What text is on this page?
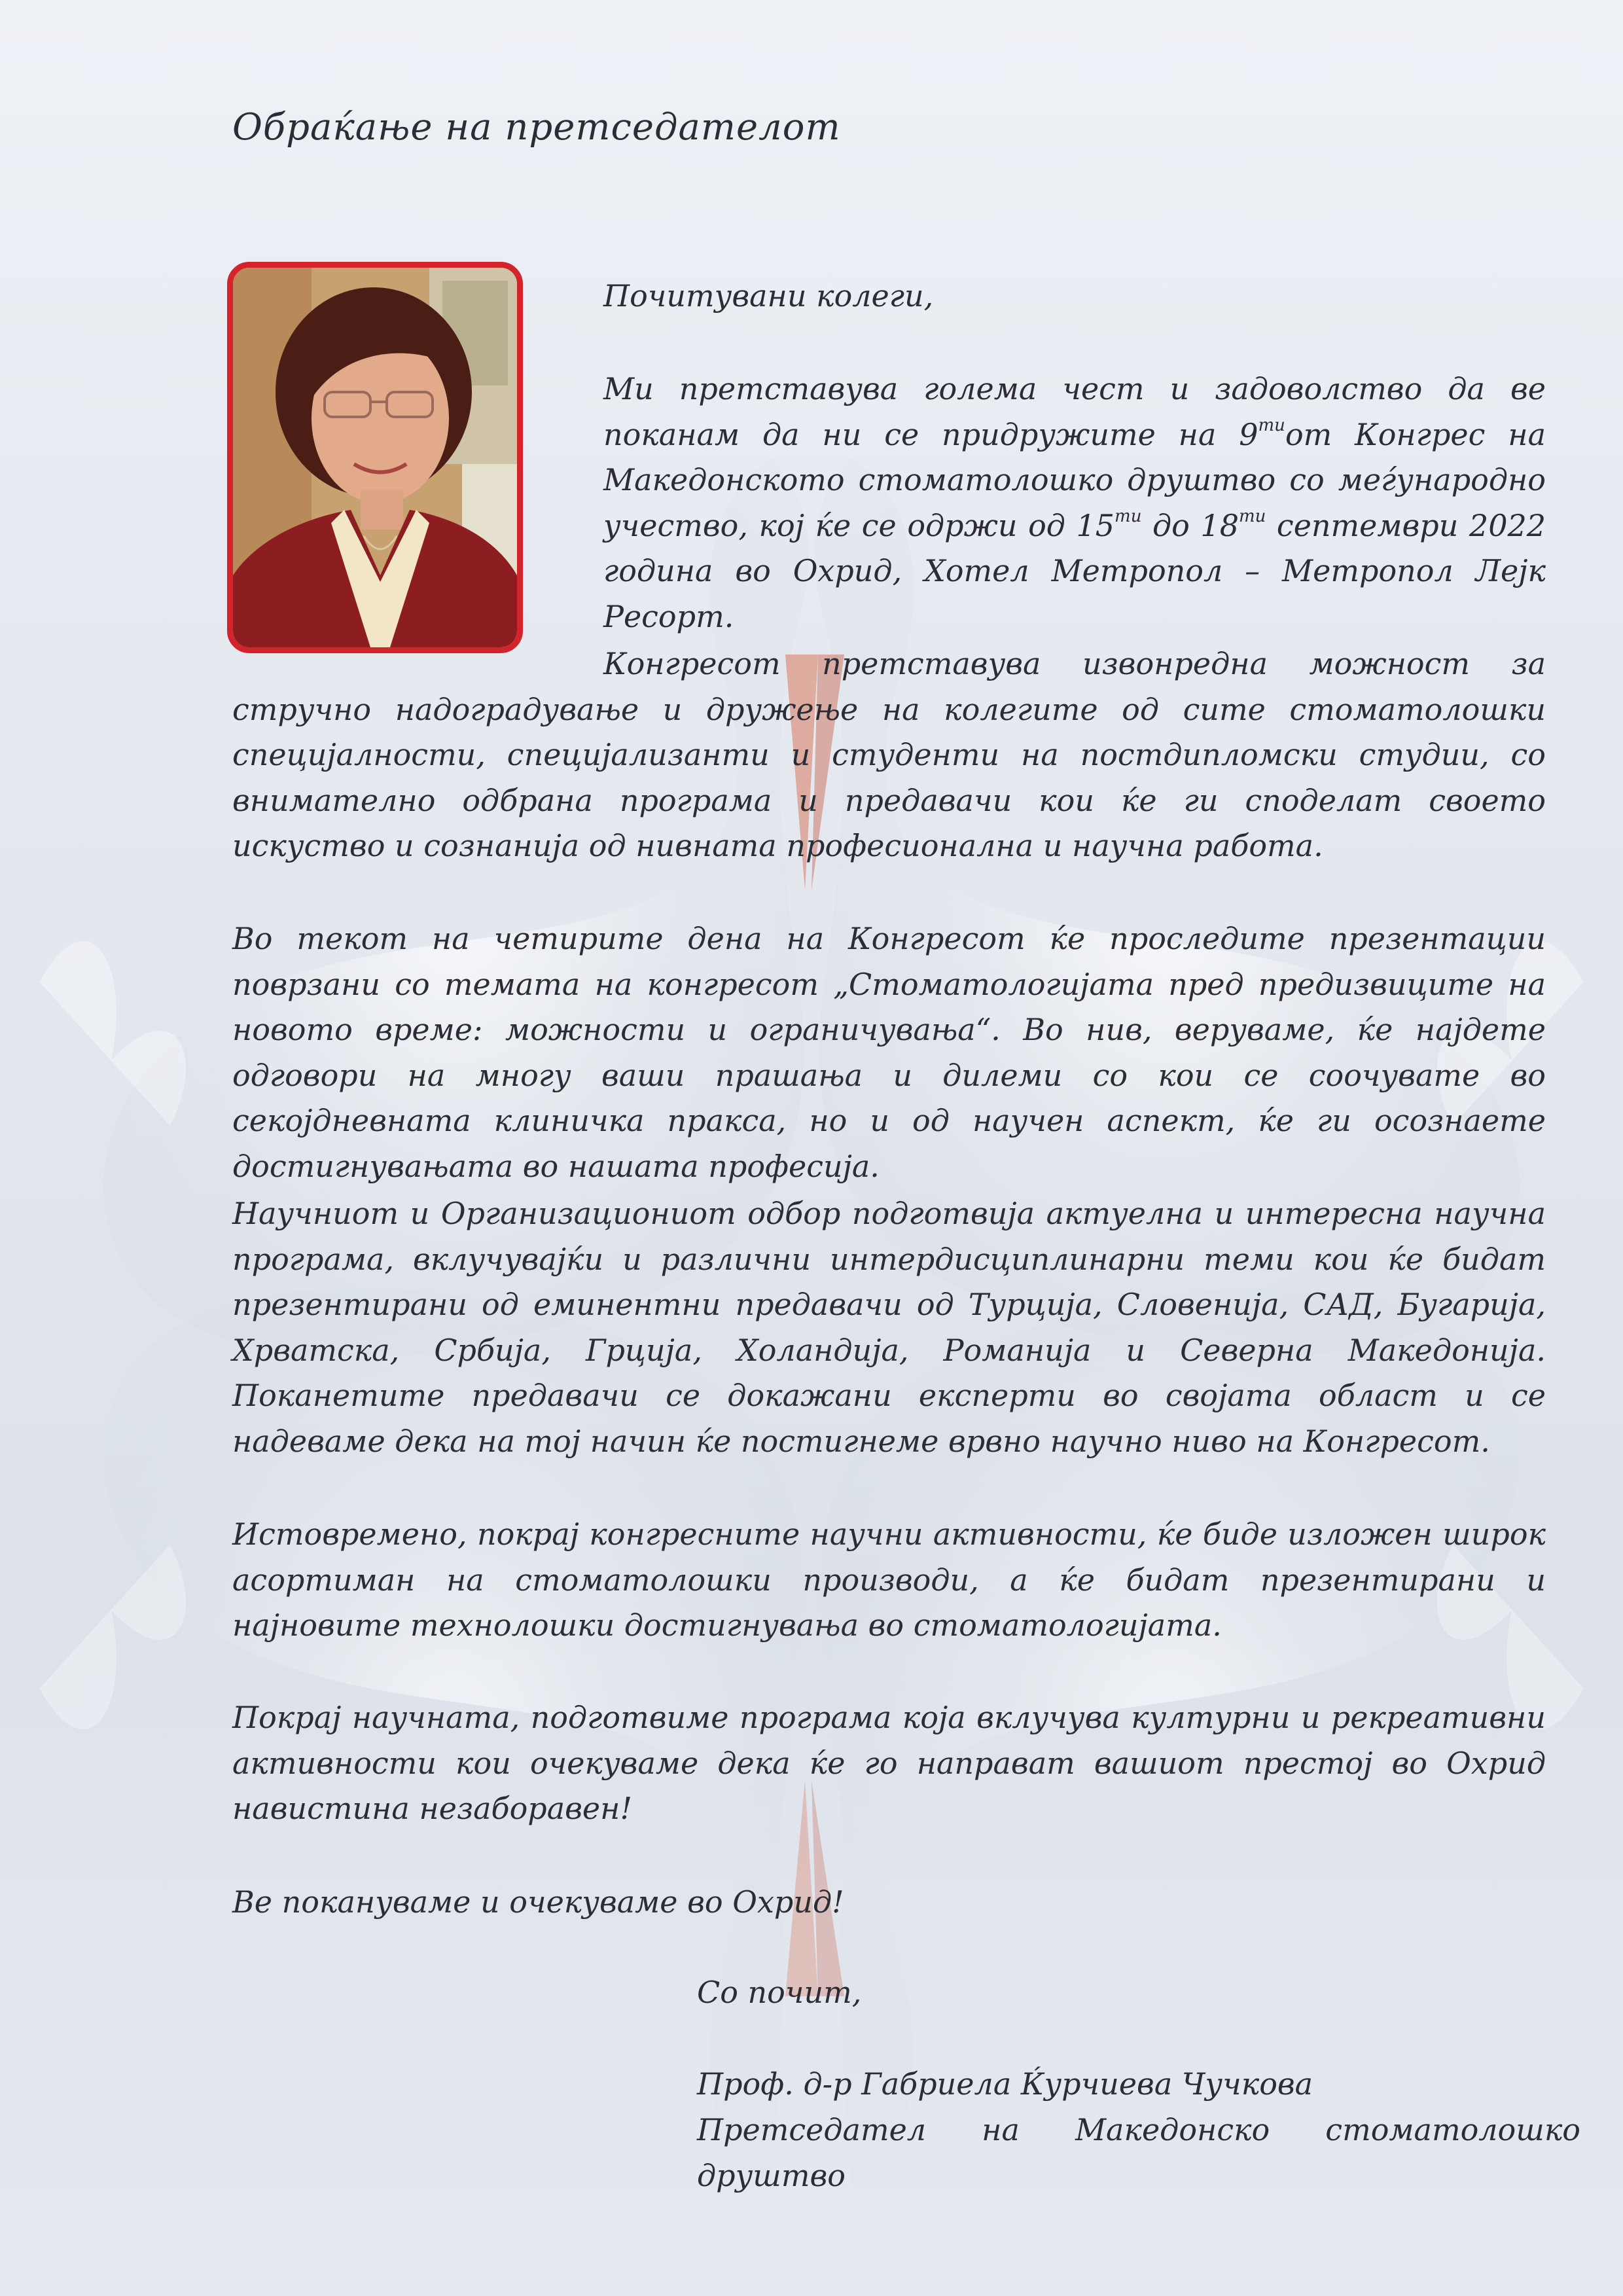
Обраќање на претседателот

Почитувани колеги,

Ми претставува голема чест и задоволство да ве поканам да ни се придружите на $9^{ти}от$ Конгрес на Македонското стоматолошко друштво со меѓународно учество, кој ќе се одржи од $15^{ти}$ до $18^{ти}$ септември 2022 година во Охрид, Хотел Метропол – Метропол Лејк Ресорт.

Конгресот претставува извонредна можност за стручно надоградување и дружење на колегите од сите стоматолошки специјалности, специјализанти и студенти на постдипломски студии, со внимателно одбрана програма и предавачи кои ќе ги споделат своето искуство и сознанија од нивната професионална и научна работа.

Во текот на четирите дена на Конгресот ќе проследите презентации поврзани со темата на конгресот „Стоматологијата пред предизвиците на новото време: можности и ограничувања“. Во нив, веруваме, ќе најдете одговори на многу ваши прашања и дилеми со кои се соочувате во секојдневната клиничка пракса, но и од научен аспект, ќе ги осознаете достигнувањата во нашата професија.

Научниот и Организациониот одбор подготвија актуелна и интересна научна програма, вклучувајќи и различни интердисциплинарни теми кои ќе бидат презентирани од еминентни предавачи од Турција, Словенија, САД, Бугарија, Хрватска, Србија, Грција, Холандија, Романија и Северна Македонија. Поканетите предавачи се докажани експерти во својата област и се надеваме дека на тој начин ќе постигнеме врвно научно ниво на Конгресот.

Истовремено, покрај конгресните научни активности, ќе биде изложен широк асортиман на стоматолошки производи, а ќе бидат презентирани и најновите технолошки достигнувања во стоматологијата.

Покрај научната, подготвиме програма која вклучува културни и рекреативни активности кои очекуваме дека ќе го направат вашиот престој во Охрид навистина незаборавен!

Ве покануваме и очекуваме во Охрид!

Со почит,

Проф. д-р Габриела Ќурчиева Чучкова

Претседател на Македонско стоматолошко друштво
